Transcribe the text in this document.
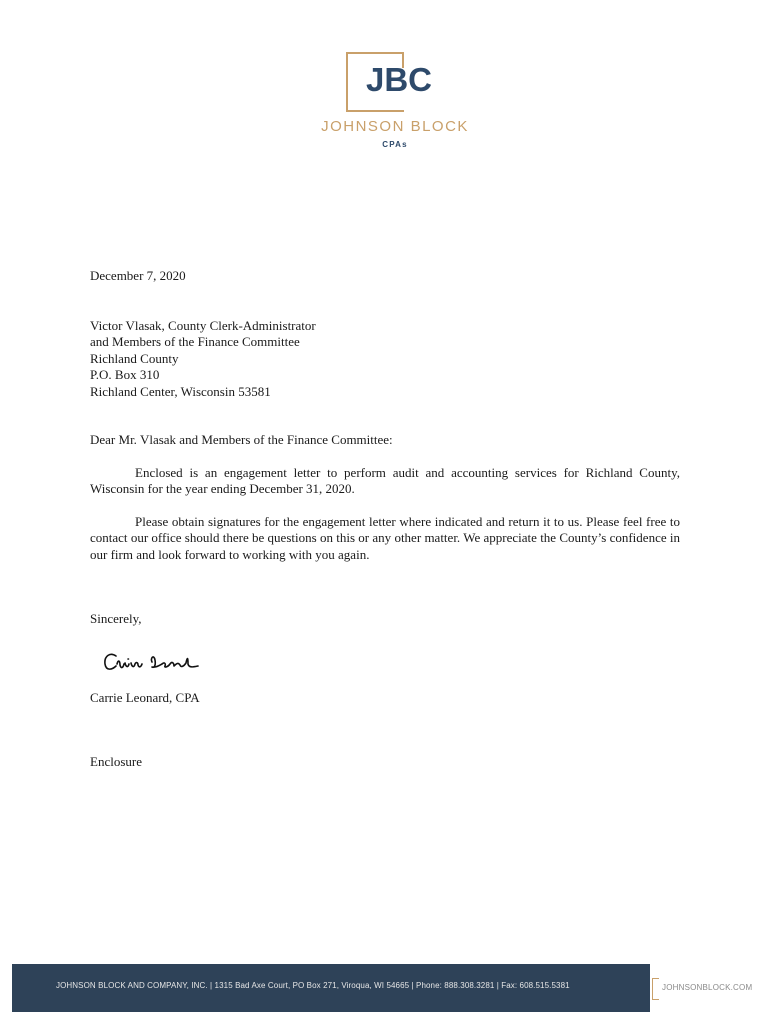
JBC
JOHNSON BLOCK
CPAs
December 7, 2020
Victor Vlasak, County Clerk-Administrator
and Members of the Finance Committee
Richland County
P.O. Box 310
Richland Center, Wisconsin 53581
Dear Mr. Vlasak and Members of the Finance Committee:
Enclosed is an engagement letter to perform audit and accounting services for Richland County, Wisconsin for the year ending December 31, 2020.
Please obtain signatures for the engagement letter where indicated and return it to us. Please feel free to contact our office should there be questions on this or any other matter. We appreciate the County’s confidence in our firm and look forward to working with you again.
Sincerely,
Carrie Leonard, CPA
Enclosure
JOHNSON BLOCK AND COMPANY, INC. | 1315 Bad Axe Court, PO Box 271, Viroqua, WI 54665 | Phone: 888.308.3281 | Fax: 608.515.5381	JOHNSONBLOCK.COM
